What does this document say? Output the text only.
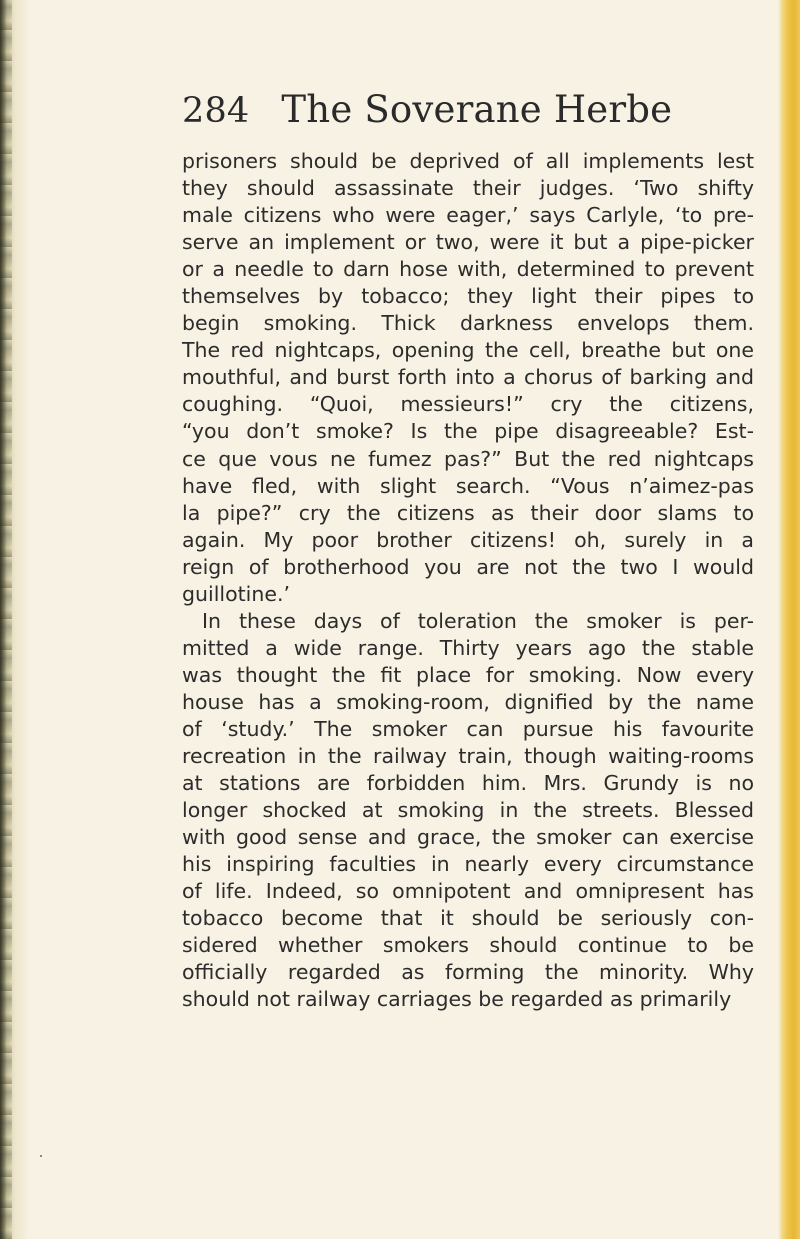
284 The Soverane Herbe
prisoners should be deprived of all implements lest
they should assassinate their judges. ‘Two shifty
male citizens who were eager,’ says Carlyle, ‘to pre-
serve an implement or two, were it but a pipe-picker
or a needle to darn hose with, determined to prevent
themselves by tobacco; they light their pipes to
begin smoking. Thick darkness envelops them.
The red nightcaps, opening the cell, breathe but one
mouthful, and burst forth into a chorus of barking and
coughing. “Quoi, messieurs!” cry the citizens,
“you don’t smoke? Is the pipe disagreeable? Est-
ce que vous ne fumez pas?” But the red nightcaps
have fled, with slight search. “Vous n’aimez-pas
la pipe?” cry the citizens as their door slams to
again. My poor brother citizens! oh, surely in a
reign of brotherhood you are not the two I would
guillotine.’
In these days of toleration the smoker is per-
mitted a wide range. Thirty years ago the stable
was thought the fit place for smoking. Now every
house has a smoking-room, dignified by the name
of ‘study.’ The smoker can pursue his favourite
recreation in the railway train, though waiting-rooms
at stations are forbidden him. Mrs. Grundy is no
longer shocked at smoking in the streets. Blessed
with good sense and grace, the smoker can exercise
his inspiring faculties in nearly every circumstance
of life. Indeed, so omnipotent and omnipresent has
tobacco become that it should be seriously con-
sidered whether smokers should continue to be
officially regarded as forming the minority. Why
should not railway carriages be regarded as primarily
